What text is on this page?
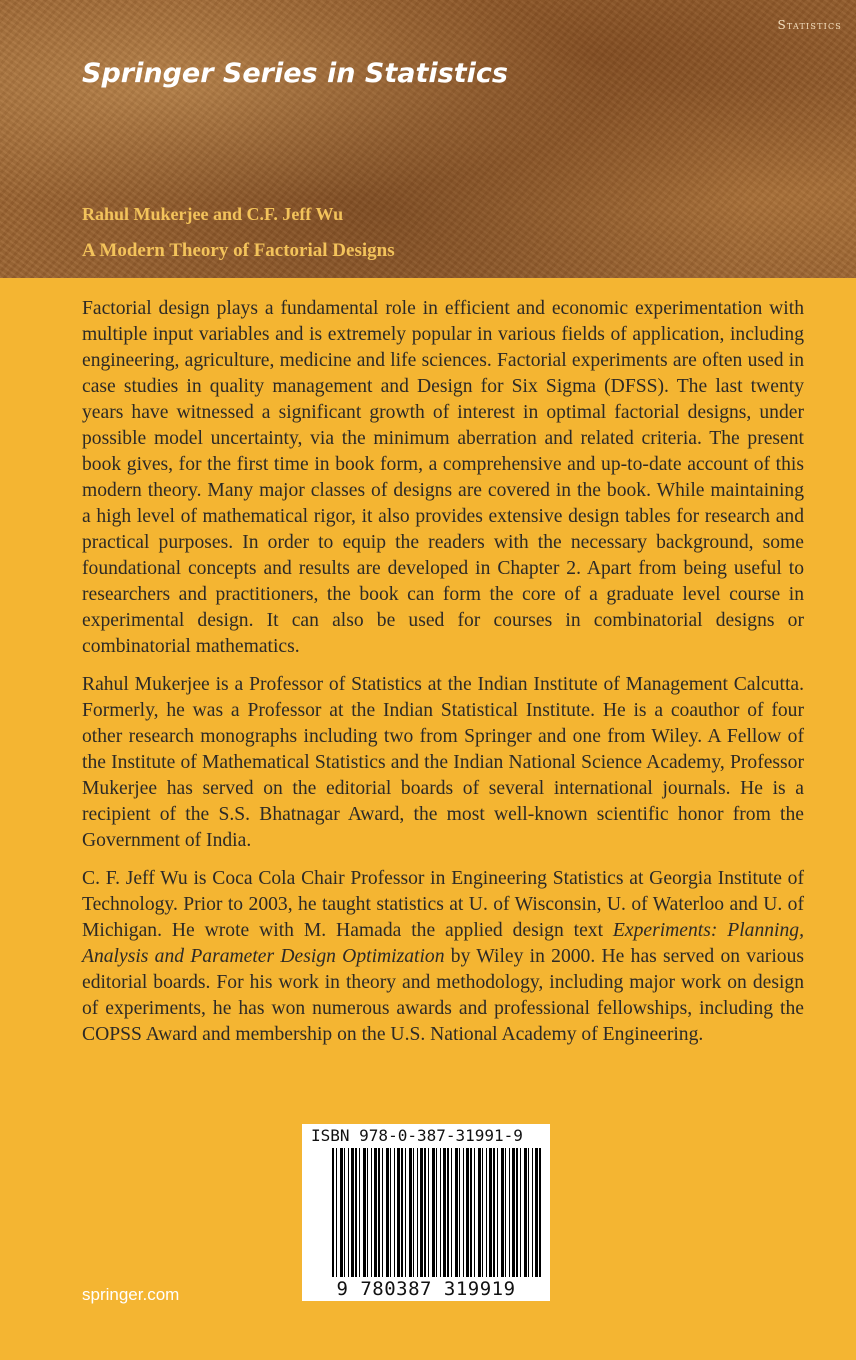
Statistics
Springer Series in Statistics
Rahul Mukerjee and C.F. Jeff Wu
A Modern Theory of Factorial Designs

Factorial design plays a fundamental role in efficient and economic experimentation with multiple input variables and is extremely popular in various fields of application, including engineering, agriculture, medicine and life sciences. Factorial experiments are often used in case studies in quality management and Design for Six Sigma (DFSS). The last twenty years have witnessed a significant growth of interest in optimal factorial designs, under possible model uncertainty, via the minimum aberration and related criteria. The present book gives, for the first time in book form, a comprehensive and up-to-date account of this modern theory. Many major classes of designs are covered in the book. While maintaining a high level of mathematical rigor, it also provides extensive design tables for research and practical purposes. In order to equip the readers with the necessary background, some foundational concepts and results are developed in Chapter 2. Apart from being useful to researchers and practitioners, the book can form the core of a graduate level course in experimental design. It can also be used for courses in combinatorial designs or combinatorial mathematics.

Rahul Mukerjee is a Professor of Statistics at the Indian Institute of Management Calcutta. Formerly, he was a Professor at the Indian Statistical Institute. He is a coauthor of four other research monographs including two from Springer and one from Wiley. A Fellow of the Institute of Mathematical Statistics and the Indian National Science Academy, Professor Mukerjee has served on the editorial boards of several international journals. He is a recipient of the S.S. Bhatnagar Award, the most well-known scientific honor from the Government of India.

C. F. Jeff Wu is Coca Cola Chair Professor in Engineering Statistics at Georgia Institute of Technology. Prior to 2003, he taught statistics at U. of Wisconsin, U. of Waterloo and U. of Michigan. He wrote with M. Hamada the applied design text Experiments: Planning, Analysis and Parameter Design Optimization by Wiley in 2000. He has served on various editorial boards. For his work in theory and methodology, including major work on design of experiments, he has won numerous awards and professional fellowships, including the COPSS Award and membership on the U.S. National Academy of Engineering.

ISBN 978-0-387-31991-9
9 780387 319919
springer.com
